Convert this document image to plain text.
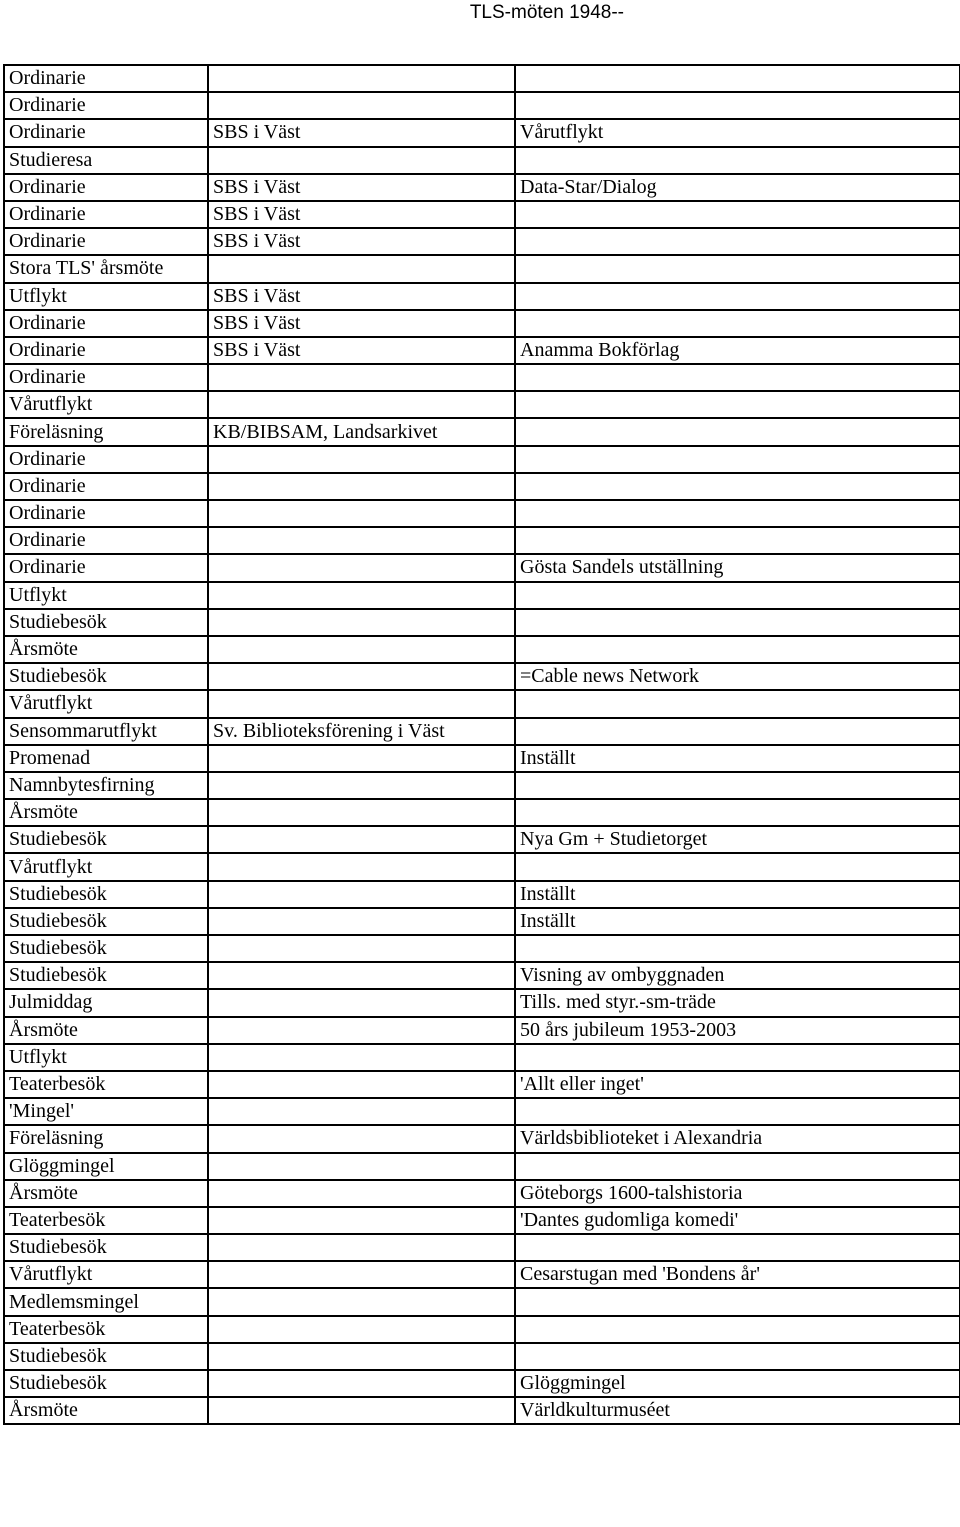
TLS-möten 1948--
Ordinarie		
Ordinarie		
Ordinarie	SBS i Väst	Vårutflykt
Studieresa		
Ordinarie	SBS i Väst	Data-Star/Dialog
Ordinarie	SBS i Väst	
Ordinarie	SBS i Väst	
Stora TLS' årsmöte		
Utflykt	SBS i Väst	
Ordinarie	SBS i Väst	
Ordinarie	SBS i Väst	Anamma Bokförlag
Ordinarie		
Vårutflykt		
Föreläsning	KB/BIBSAM, Landsarkivet	
Ordinarie		
Ordinarie		
Ordinarie		
Ordinarie		
Ordinarie		Gösta Sandels utställning
Utflykt		
Studiebesök		
Årsmöte		
Studiebesök		=Cable news Network
Vårutflykt		
Sensommarutflykt	Sv. Biblioteksförening i Väst	
Promenad		Inställt
Namnbytesfirning		
Årsmöte		
Studiebesök		Nya Gm + Studietorget
Vårutflykt		
Studiebesök		Inställt
Studiebesök		Inställt
Studiebesök		
Studiebesök		Visning av ombyggnaden
Julmiddag		Tills. med styr.-sm-träde
Årsmöte		50 års jubileum 1953-2003
Utflykt		
Teaterbesök		'Allt eller inget'
'Mingel'		
Föreläsning		Världsbiblioteket i Alexandria
Glöggmingel		
Årsmöte		Göteborgs 1600-talshistoria
Teaterbesök		'Dantes gudomliga komedi'
Studiebesök		
Vårutflykt		Cesarstugan med 'Bondens år'
Medlemsmingel		
Teaterbesök		
Studiebesök		
Studiebesök		Glöggmingel
Årsmöte		Världkulturmuséet
